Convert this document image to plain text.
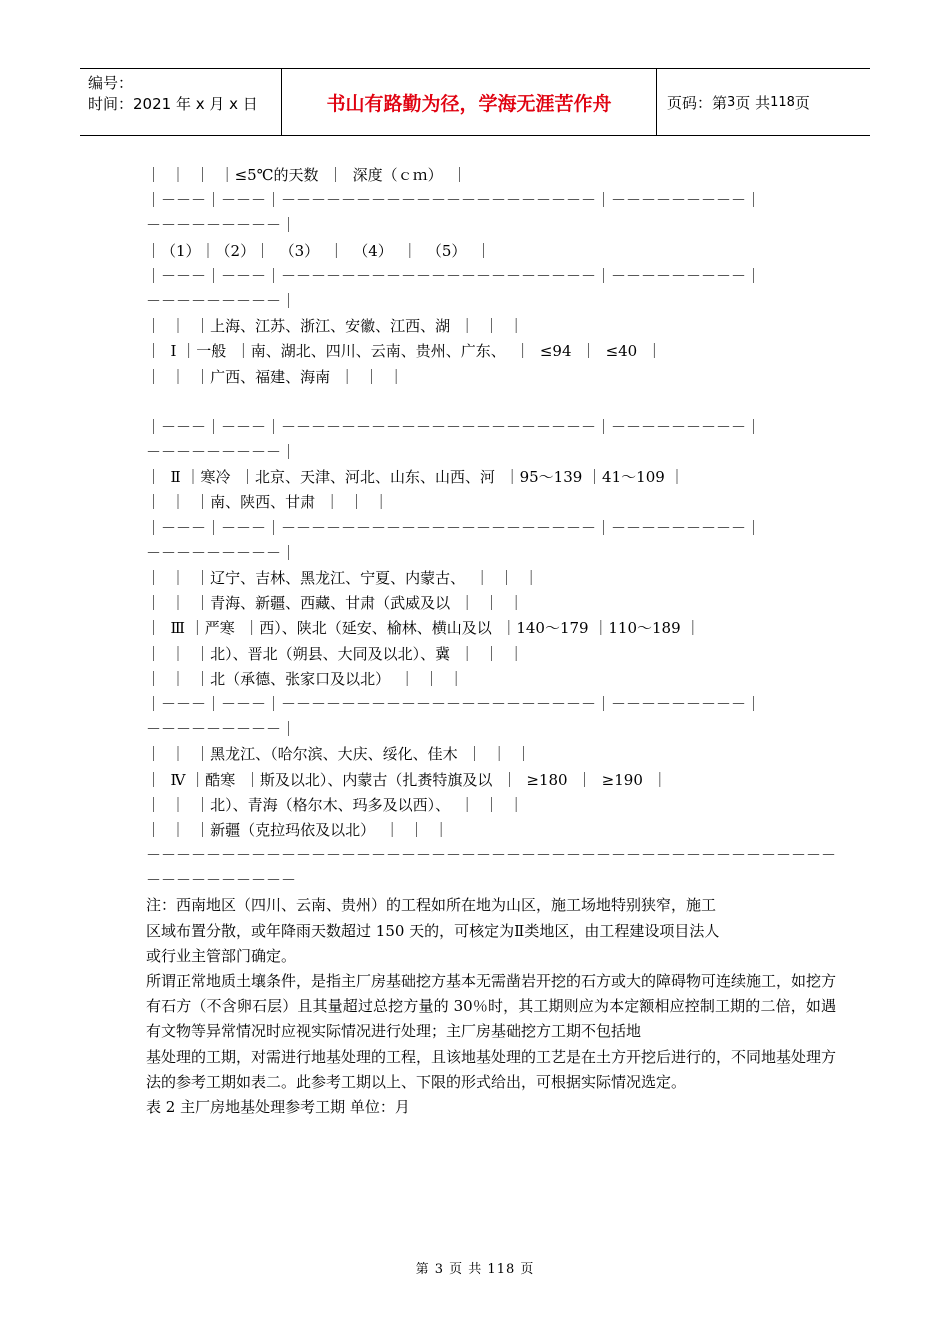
编号：
时间：2021 年 x 月 x 日	书山有路勤为径，学海无涯苦作舟	页码：第 3 页 共 118 页
｜  ｜  ｜  ｜≤5℃的天数  ｜  深度（ｃｍ）  ｜
｜－－－｜－－－｜－－－－－－－－－－－－－－－－－－－－－｜－－－－－－－－－｜
－－－－－－－－－｜
｜（1）｜（2）｜  （3）  ｜  （4）  ｜  （5）  ｜
｜－－－｜－－－｜－－－－－－－－－－－－－－－－－－－－－｜－－－－－－－－－｜
－－－－－－－－－｜
｜  ｜  ｜上海、江苏、浙江、安徽、江西、湖  ｜  ｜  ｜
｜  Ⅰ ｜一般  ｜南、湖北、四川、云南、贵州、广东、  ｜  ≤94  ｜  ≤40  ｜
｜  ｜  ｜广西、福建、海南  ｜  ｜  ｜
｜－－－｜－－－｜－－－－－－－－－－－－－－－－－－－－－｜－－－－－－－－－｜
－－－－－－－－－｜
｜  Ⅱ ｜寒冷  ｜北京、天津、河北、山东、山西、河  ｜95～139 ｜41～109 ｜
｜  ｜  ｜南、陕西、甘肃  ｜  ｜  ｜
｜－－－｜－－－｜－－－－－－－－－－－－－－－－－－－－－｜－－－－－－－－－｜
－－－－－－－－－｜
｜  ｜  ｜辽宁、吉林、黑龙江、宁夏、内蒙古、  ｜  ｜  ｜
｜  ｜  ｜青海、新疆、西藏、甘肃（武威及以  ｜  ｜  ｜
｜  Ⅲ ｜严寒  ｜西）、陕北（延安、榆林、横山及以  ｜140～179 ｜110～189 ｜
｜  ｜  ｜北）、晋北（朔县、大同及以北）、冀  ｜  ｜  ｜
｜  ｜  ｜北（承德、张家口及以北）  ｜  ｜  ｜
｜－－－｜－－－｜－－－－－－－－－－－－－－－－－－－－－｜－－－－－－－－－｜
－－－－－－－－－｜
｜  ｜  ｜黑龙江、（哈尔滨、大庆、绥化、佳木  ｜  ｜  ｜
｜  Ⅳ ｜酷寒  ｜斯及以北）、内蒙古（扎赉特旗及以  ｜  ≥180  ｜  ≥190  ｜
｜  ｜  ｜北）、青海（格尔木、玛多及以西）、  ｜  ｜  ｜
｜  ｜  ｜新疆（克拉玛依及以北）  ｜  ｜  ｜
－－－－－－－－－－－－－－－－－－－－－－－－－－－－－－－－－－－－－－－－－－－－－－
－－－－－－－－－－
注：西南地区（四川、云南、贵州）的工程如所在地为山区，施工场地特别狭窄，施工
区域布置分散，或年降雨天数超过 150 天的，可核定为Ⅱ类地区，由工程建设项目法人
或行业主管部门确定。
所谓正常地质土壤条件，是指主厂房基础挖方基本无需凿岩开挖的石方或大的障碍物可连续施工，如挖方有石方（不含卵石层）且其量超过总挖方量的 30％时，其工期则应为本定额相应控制工期的二倍，如遇有文物等异常情况时应视实际情况进行处理；主厂房基础挖方工期不包括地
基处理的工期，对需进行地基处理的工程，且该地基处理的工艺是在土方开挖后进行的，不同地基处理方法的参考工期如表二。此参考工期以上、下限的形式给出，可根据实际情况选定。
表 2 主厂房地基处理参考工期 单位：月
第 3 页 共 118 页
